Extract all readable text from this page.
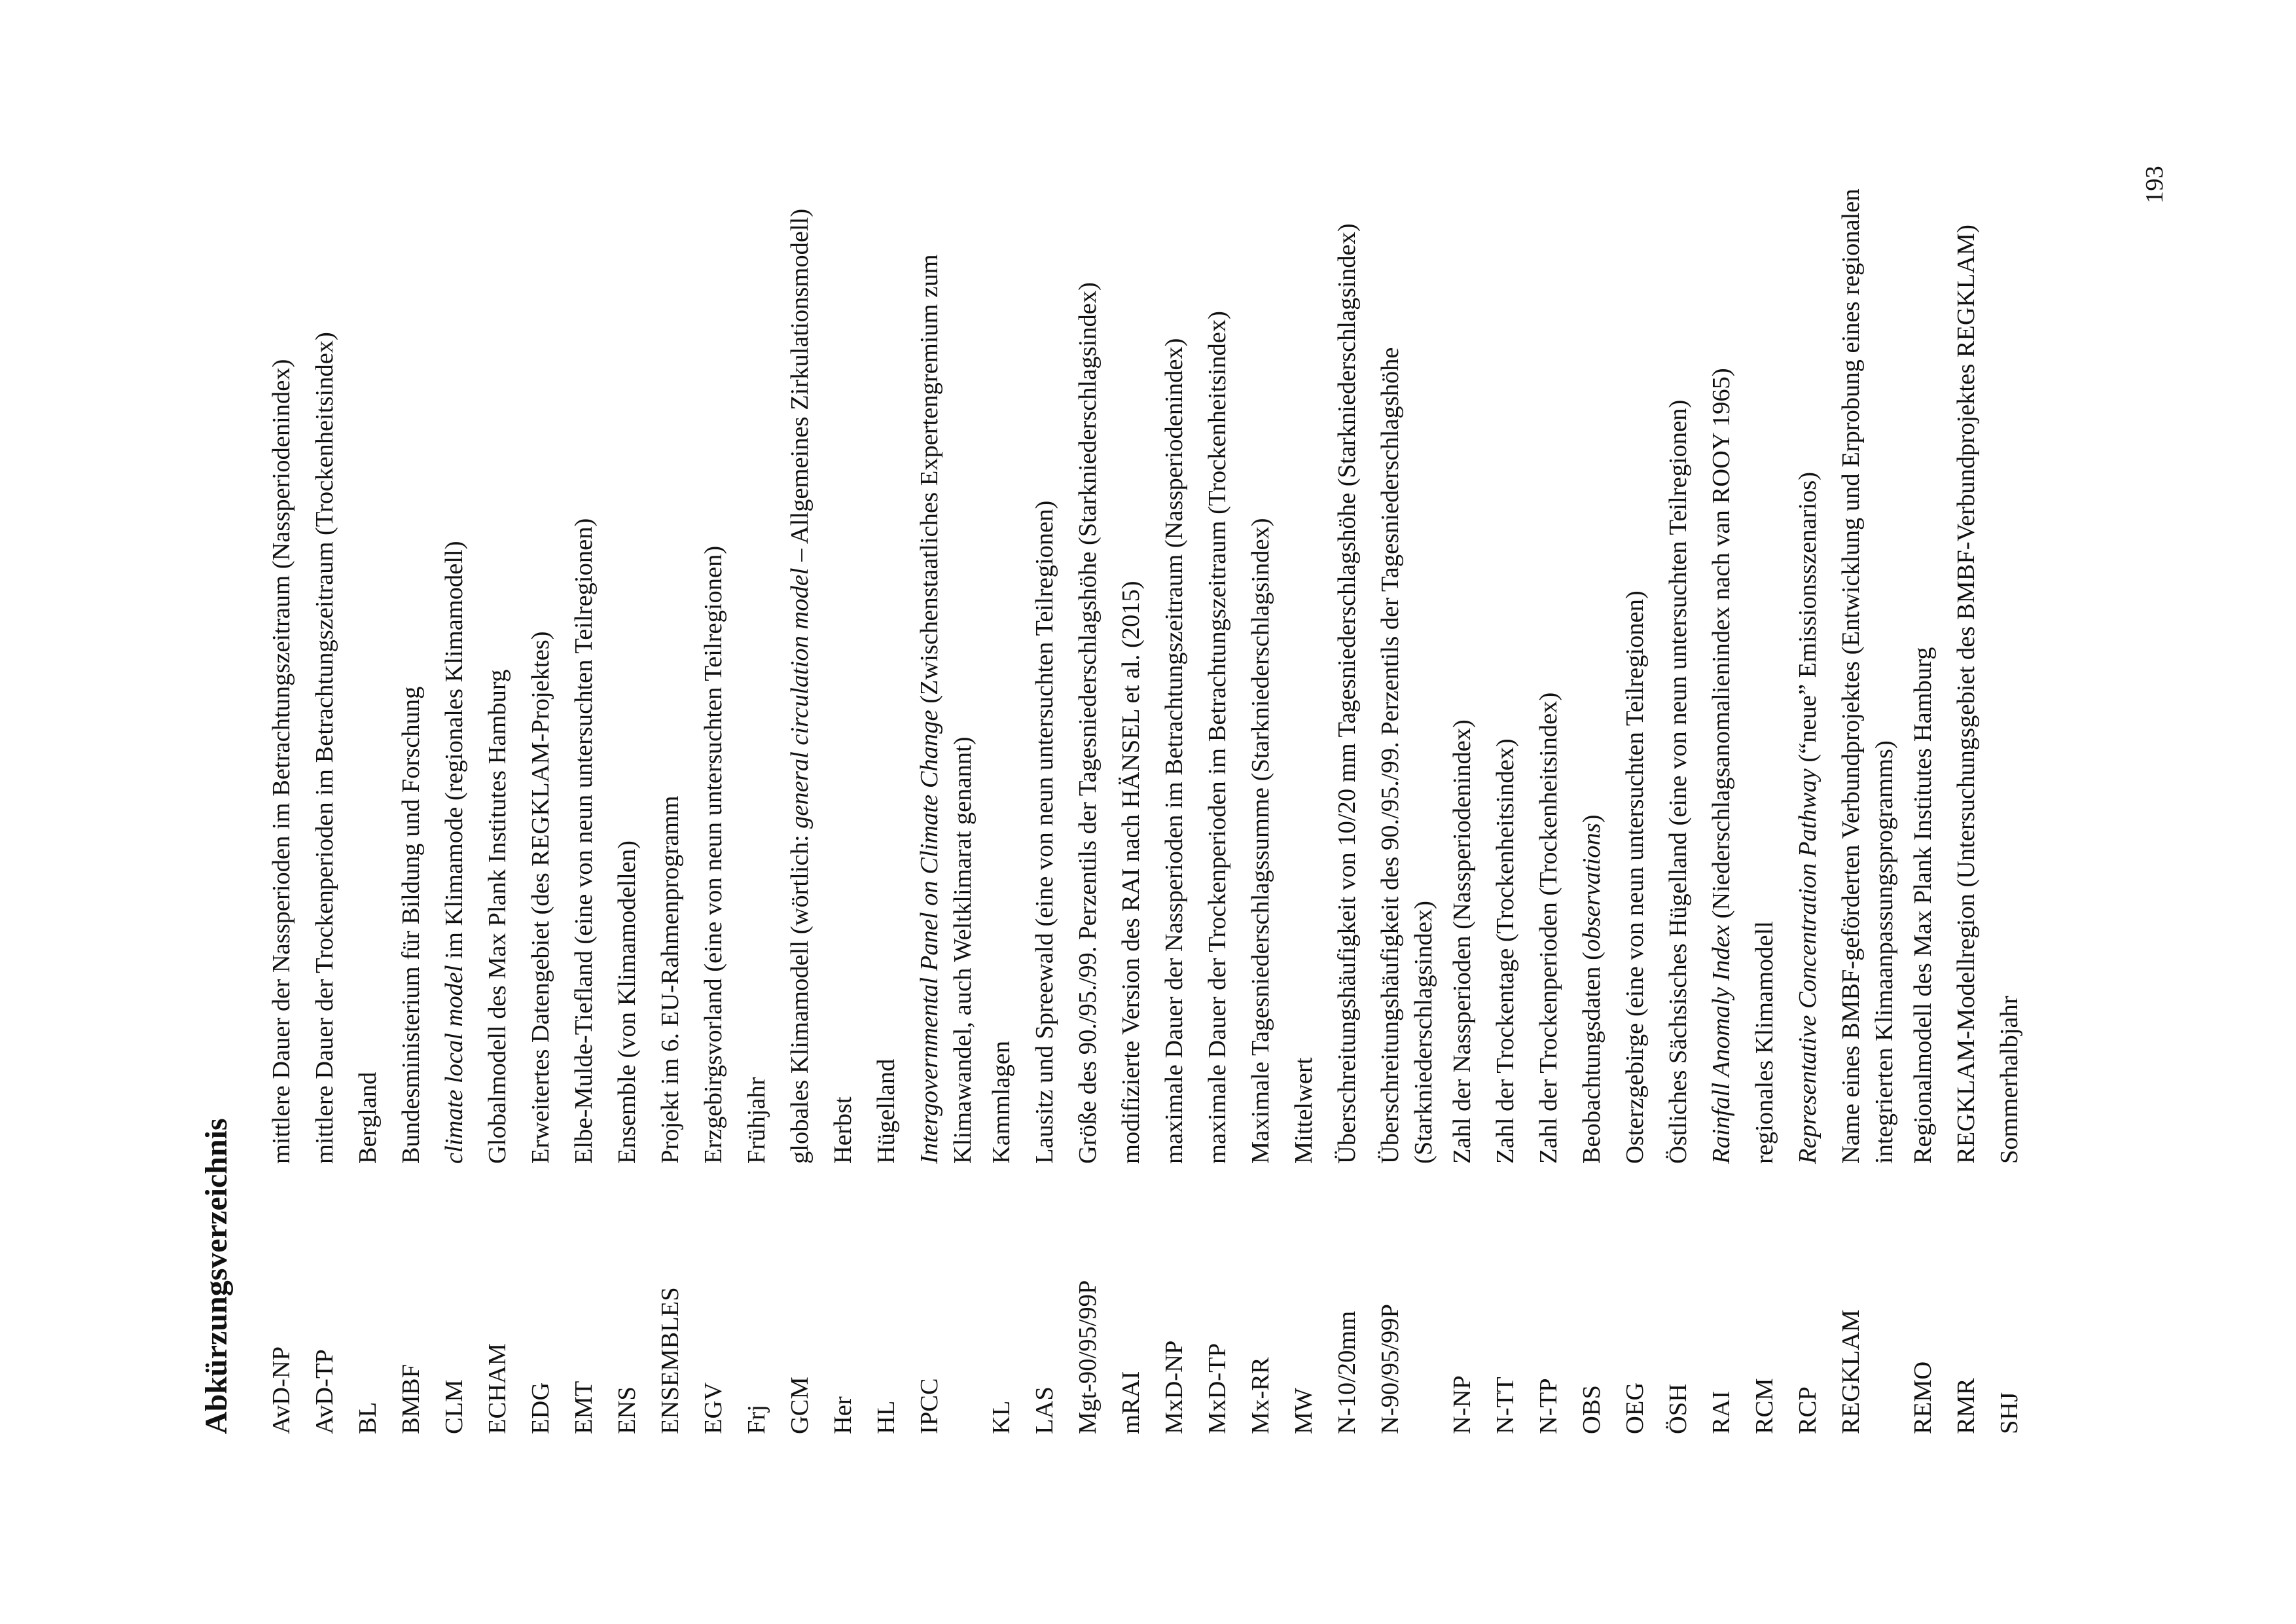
Abkürzungsverzeichnis	AvD-NP
mittlere Dauer der Nassperioden im Betrachtungszeitraum (Nassperiodenindex)
AvD-TP
mittlere Dauer der Trockenperioden im Betrachtungszeitraum (Trockenheitsindex)
BL
Bergland
BMBF
Bundesministerium für Bildung und Forschung
CLM
climate local model im Klimamode (regionales Klimamodell)
ECHAM
Globalmodell des Max Plank Institutes Hamburg
EDG
Erweitertes Datengebiet (des REGKLAM-Projektes)
EMT
Elbe-Mulde-Tiefland (eine von neun untersuchten Teilregionen)
ENS
Ensemble (von Klimamodellen)
ENSEMBLES
Projekt im 6. EU-Rahmenprogramm
EGV
Erzgebirgsvorland (eine von neun untersuchten Teilregionen)
Frj
Frühjahr
GCM
globales Klimamodell (wörtlich: general circulation model – Allgemeines Zirkulationsmodell)
Her
Herbst
HL
Hügelland
IPCC
Intergovernmental Panel on Climate Change (Zwischenstaatliches Expertengremium zum Klimawandel, auch Weltklimarat genannt)
KL
Kammlagen
LAS
Lausitz und Spreewald (eine von neun untersuchten Teilregionen)
Mgt-90/95/99P
Größe des 90./95./99. Perzentils der Tagesniederschlagshöhe (Starkniederschlagsindex)
mRAI
modifizierte Version des RAI nach HÄNSEL et al. (2015)
MxD-NP
maximale Dauer der Nassperioden im Betrachtungszeitraum (Nassperiodenindex)
MxD-TP
maximale Dauer der Trockenperioden im Betrachtungszeitraum (Trockenheitsindex)
Mx-RR
Maximale Tagesniederschlagssumme (Starkniederschlagsindex)
MW
Mittelwert
N-10/20mm
Überschreitungshäufigkeit von 10/20 mm Tagesniederschlagshöhe (Starkniederschlagsindex)
N-90/95/99P
Überschreitungshäufigkeit des 90./95./99. Perzentils der Tagesniederschlagshöhe (Starkniederschlagsindex)
N-NP
Zahl der Nassperioden (Nassperiodenindex)
N-TT
Zahl der Trockentage (Trockenheitsindex)
N-TP
Zahl der Trockenperioden (Trockenheitsindex)
OBS
Beobachtungsdaten (observations)
OEG
Osterzgebirge (eine von neun untersuchten Teilregionen)
ÖSH
Östliches Sächsisches Hügelland (eine von neun untersuchten Teilregionen)
RAI
Rainfall Anomaly Index (Niederschlagsanomalienindex nach van ROOY 1965)
RCM
regionales Klimamodell
RCP
Representative Concentration Pathway (“neue” Emissionsszenarios)
REGKLAM
Name eines BMBF-geförderten Verbundprojektes (Entwicklung und Erprobung eines regionalen integrierten Klimaanpassungsprogramms)
REMO
Regionalmodell des Max Plank Institutes Hamburg
RMR
REGKLAM-Modellregion (Untersuchungsgebiet des BMBF-Verbundprojektes REGKLAM)
SHJ
Sommerhalbjahr
193
